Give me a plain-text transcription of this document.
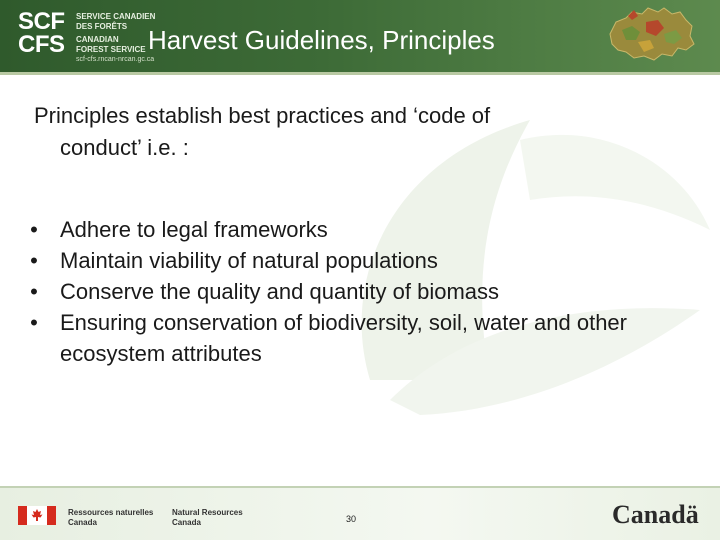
SCF
CFS
SERVICE CANADIEN
DES FORÊTS
CANADIAN
FOREST SERVICE
scf-cfs.rncan-nrcan.gc.ca
Harvest Guidelines, Principles
Principles establish best practices and ‘code of
conduct’ i.e. :
• Adhere to legal frameworks
• Maintain viability of natural populations
• Conserve the quality and quantity of biomass
• Ensuring conservation of biodiversity, soil, water and other ecosystem attributes
Ressources naturelles
Canada
Natural Resources
Canada	30	Canadä
